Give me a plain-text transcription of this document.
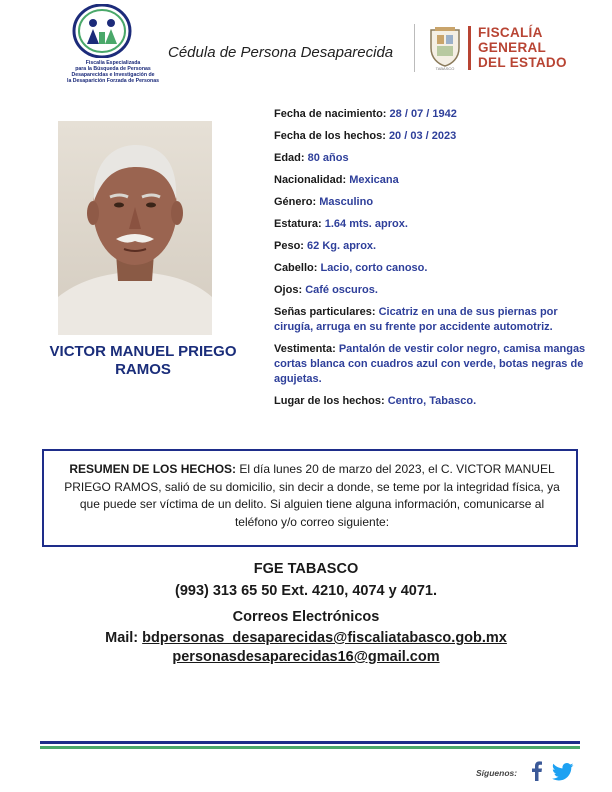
Fiscalía Especializada
para la Búsqueda de Personas
Desaparecidas e Investigación de
la Desaparición Forzada de Personas
Cédula de Persona Desaparecida
TABASCO
FISCALÍA
GENERAL
DEL ESTADO
VICTOR MANUEL PRIEGO RAMOS
Fecha de nacimiento: 28 / 07 / 1942
Fecha de los hechos: 20 / 03 / 2023
Edad: 80 años
Nacionalidad: Mexicana
Género: Masculino
Estatura: 1.64 mts. aprox.
Peso: 62 Kg. aprox.
Cabello: Lacio, corto canoso.
Ojos: Café oscuros.
Señas particulares: Cicatriz en una de sus piernas por cirugía, arruga en su frente por accidente automotriz.
Vestimenta: Pantalón de vestir color negro, camisa mangas cortas blanca con cuadros azul con verde, botas negras de agujetas.
Lugar de los hechos: Centro, Tabasco.
RESUMEN DE LOS HECHOS: El día lunes 20 de marzo del 2023, el C. VICTOR MANUEL PRIEGO RAMOS, salió de su domicilio, sin decir a donde, se teme por la integridad física, ya que puede ser víctima de un delito. Si alguien tiene alguna información, comunicarse al teléfono y/o correo siguiente:
FGE TABASCO
(993) 313 65 50 Ext. 4210, 4074 y 4071.
Correos Electrónicos
Mail: bdpersonas_desaparecidas@fiscaliatabasco.gob.mx
personasdesaparecidas16@gmail.com
Síguenos:
